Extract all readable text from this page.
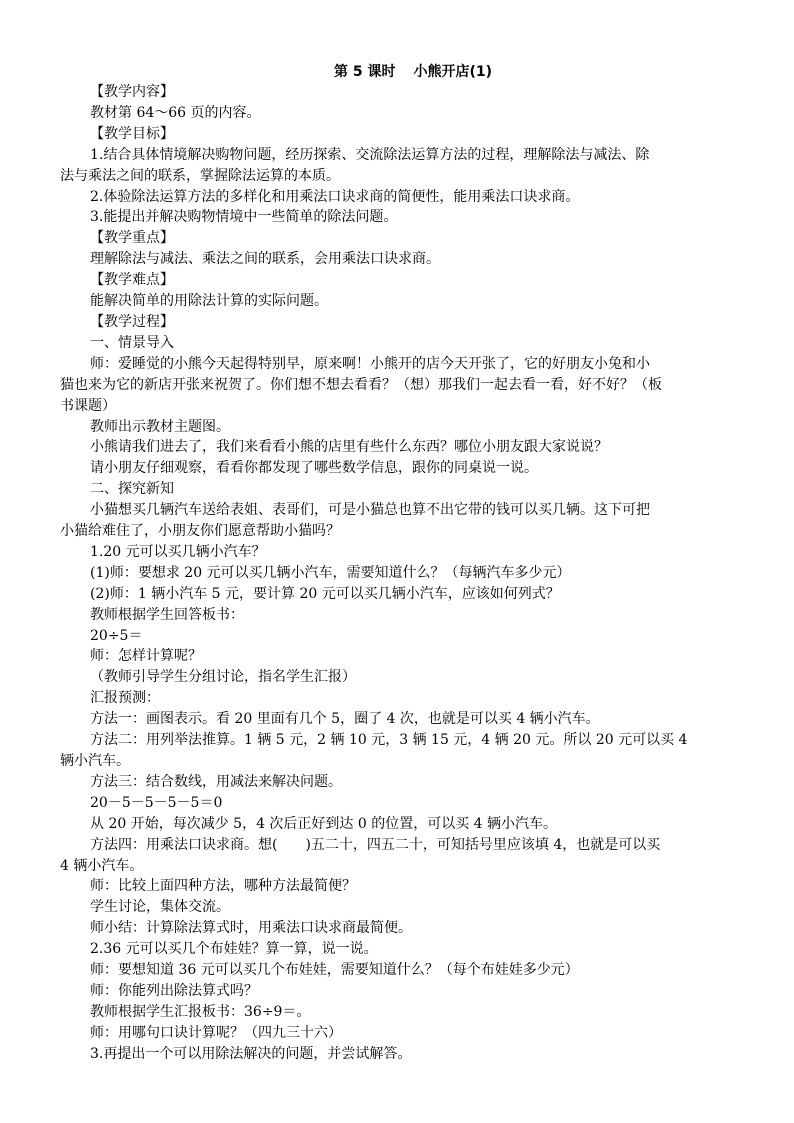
第 5 课时 小熊开店(1)
【教学内容】
教材第 64～66 页的内容。
【教学目标】
1.结合具体情境解决购物问题，经历探索、交流除法运算方法的过程，理解除法与减法、除
法与乘法之间的联系，掌握除法运算的本质。
2.体验除法运算方法的多样化和用乘法口诀求商的简便性，能用乘法口诀求商。
3.能提出并解决购物情境中一些简单的除法问题。
【教学重点】
理解除法与减法、乘法之间的联系，会用乘法口诀求商。
【教学难点】
能解决简单的用除法计算的实际问题。
【教学过程】
一、情景导入
师：爱睡觉的小熊今天起得特别早，原来啊！小熊开的店今天开张了，它的好朋友小兔和小
猫也来为它的新店开张来祝贺了。你们想不想去看看？（想）那我们一起去看一看，好不好？（板
书课题）
教师出示教材主题图。
小熊请我们进去了，我们来看看小熊的店里有些什么东西？哪位小朋友跟大家说说？
请小朋友仔细观察，看看你都发现了哪些数学信息，跟你的同桌说一说。
二、探究新知
小猫想买几辆汽车送给表姐、表哥们，可是小猫总也算不出它带的钱可以买几辆。这下可把
小猫给难住了，小朋友你们愿意帮助小猫吗？
1.20 元可以买几辆小汽车？
(1)师：要想求 20 元可以买几辆小汽车，需要知道什么？（每辆汽车多少元）
(2)师：1 辆小汽车 5 元，要计算 20 元可以买几辆小汽车，应该如何列式？
教师根据学生回答板书：
20÷5＝
师：怎样计算呢？
（教师引导学生分组讨论，指名学生汇报）
汇报预测：
方法一：画图表示。看 20 里面有几个 5，圈了 4 次，也就是可以买 4 辆小汽车。
方法二：用列举法推算。1 辆 5 元，2 辆 10 元，3 辆 15 元，4 辆 20 元。所以 20 元可以买 4
辆小汽车。
方法三：结合数线，用减法来解决问题。
20－5－5－5－5＝0
从 20 开始，每次减少 5，4 次后正好到达 0 的位置，可以买 4 辆小汽车。
方法四：用乘法口诀求商。想(　　)五二十，四五二十，可知括号里应该填 4，也就是可以买
4 辆小汽车。
师：比较上面四种方法，哪种方法最简便？
学生讨论，集体交流。
师小结：计算除法算式时，用乘法口诀求商最简便。
2.36 元可以买几个布娃娃？算一算，说一说。
师：要想知道 36 元可以买几个布娃娃，需要知道什么？（每个布娃娃多少元）
师：你能列出除法算式吗？
教师根据学生汇报板书：36÷9＝。
师：用哪句口诀计算呢？（四九三十六）
3.再提出一个可以用除法解决的问题，并尝试解答。
